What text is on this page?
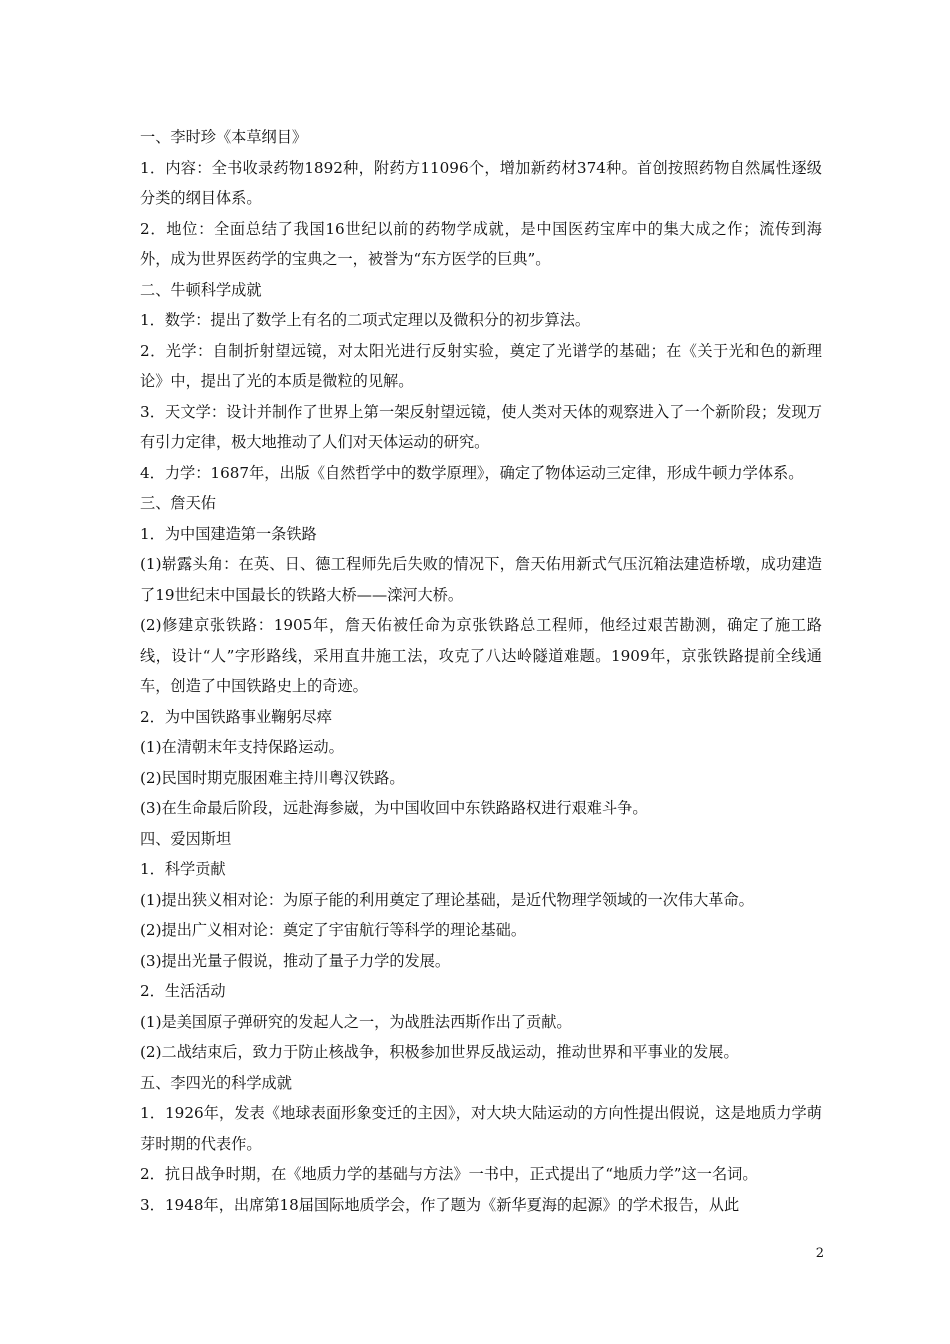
一、李时珍《本草纲目》

1．内容：全书收录药物1892种，附药方11096个，增加新药材374种。首创按照药物自然属性逐级分类的纲目体系。

2．地位：全面总结了我国16世纪以前的药物学成就，是中国医药宝库中的集大成之作；流传到海外，成为世界医药学的宝典之一，被誉为“东方医学的巨典”。

二、牛顿科学成就

1．数学：提出了数学上有名的二项式定理以及微积分的初步算法。

2．光学：自制折射望远镜，对太阳光进行反射实验，奠定了光谱学的基础；在《关于光和色的新理论》中，提出了光的本质是微粒的见解。

3．天文学：设计并制作了世界上第一架反射望远镜，使人类对天体的观察进入了一个新阶段；发现万有引力定律，极大地推动了人们对天体运动的研究。

4．力学：1687年，出版《自然哲学中的数学原理》，确定了物体运动三定律，形成牛顿力学体系。

三、詹天佑

1．为中国建造第一条铁路

(1)崭露头角：在英、日、德工程师先后失败的情况下，詹天佑用新式气压沉箱法建造桥墩，成功建造了19世纪末中国最长的铁路大桥——滦河大桥。

(2)修建京张铁路：1905年，詹天佑被任命为京张铁路总工程师，他经过艰苦勘测，确定了施工路线，设计“人”字形路线，采用直井施工法，攻克了八达岭隧道难题。1909年，京张铁路提前全线通车，创造了中国铁路史上的奇迹。

2．为中国铁路事业鞠躬尽瘁

(1)在清朝末年支持保路运动。

(2)民国时期克服困难主持川粤汉铁路。

(3)在生命最后阶段，远赴海参崴，为中国收回中东铁路路权进行艰难斗争。

四、爱因斯坦

1．科学贡献

(1)提出狭义相对论：为原子能的利用奠定了理论基础，是近代物理学领域的一次伟大革命。

(2)提出广义相对论：奠定了宇宙航行等科学的理论基础。

(3)提出光量子假说，推动了量子力学的发展。

2．生活活动

(1)是美国原子弹研究的发起人之一，为战胜法西斯作出了贡献。

(2)二战结束后，致力于防止核战争，积极参加世界反战运动，推动世界和平事业的发展。

五、李四光的科学成就

1．1926年，发表《地球表面形象变迁的主因》，对大块大陆运动的方向性提出假说，这是地质力学萌芽时期的代表作。

2．抗日战争时期，在《地质力学的基础与方法》一书中，正式提出了“地质力学”这一名词。

3．1948年，出席第18届国际地质学会，作了题为《新华夏海的起源》的学术报告，从此

2
